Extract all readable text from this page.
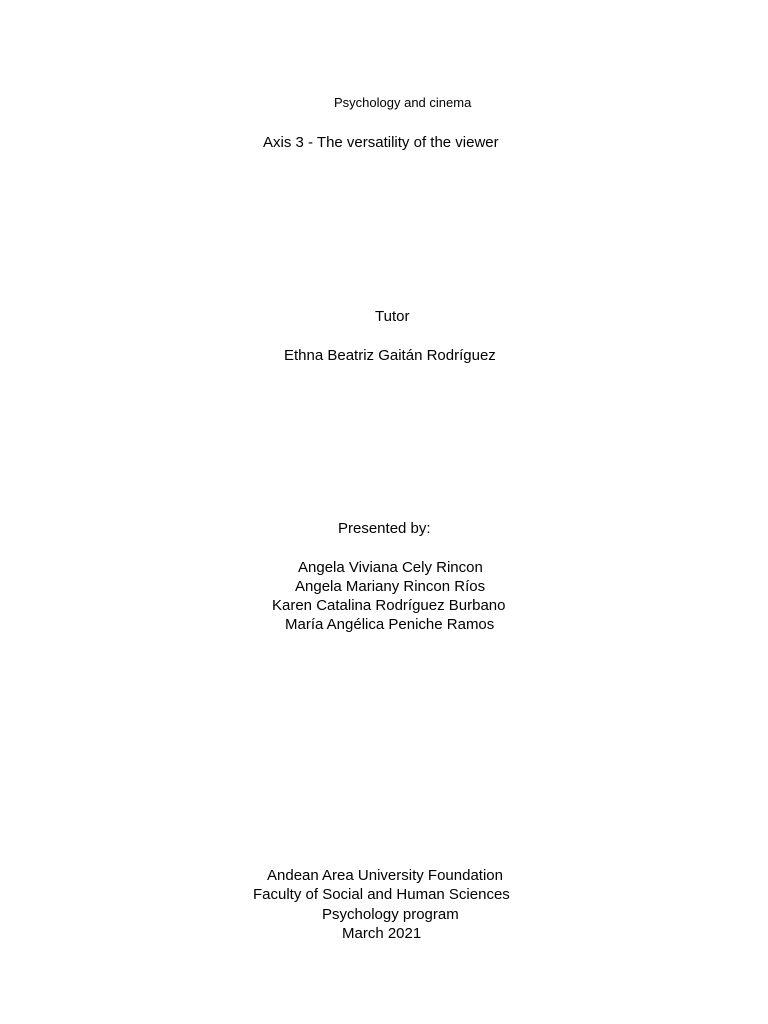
Psychology and cinema

Axis 3 - The versatility of the viewer

Tutor

Ethna Beatriz Gaitán Rodríguez

Presented by:

Angela Viviana Cely Rincon

Angela Mariany Rincon Ríos

Karen Catalina Rodríguez Burbano

María Angélica Peniche Ramos

Andean Area University Foundation

Faculty of Social and Human Sciences

Psychology program

March 2021
